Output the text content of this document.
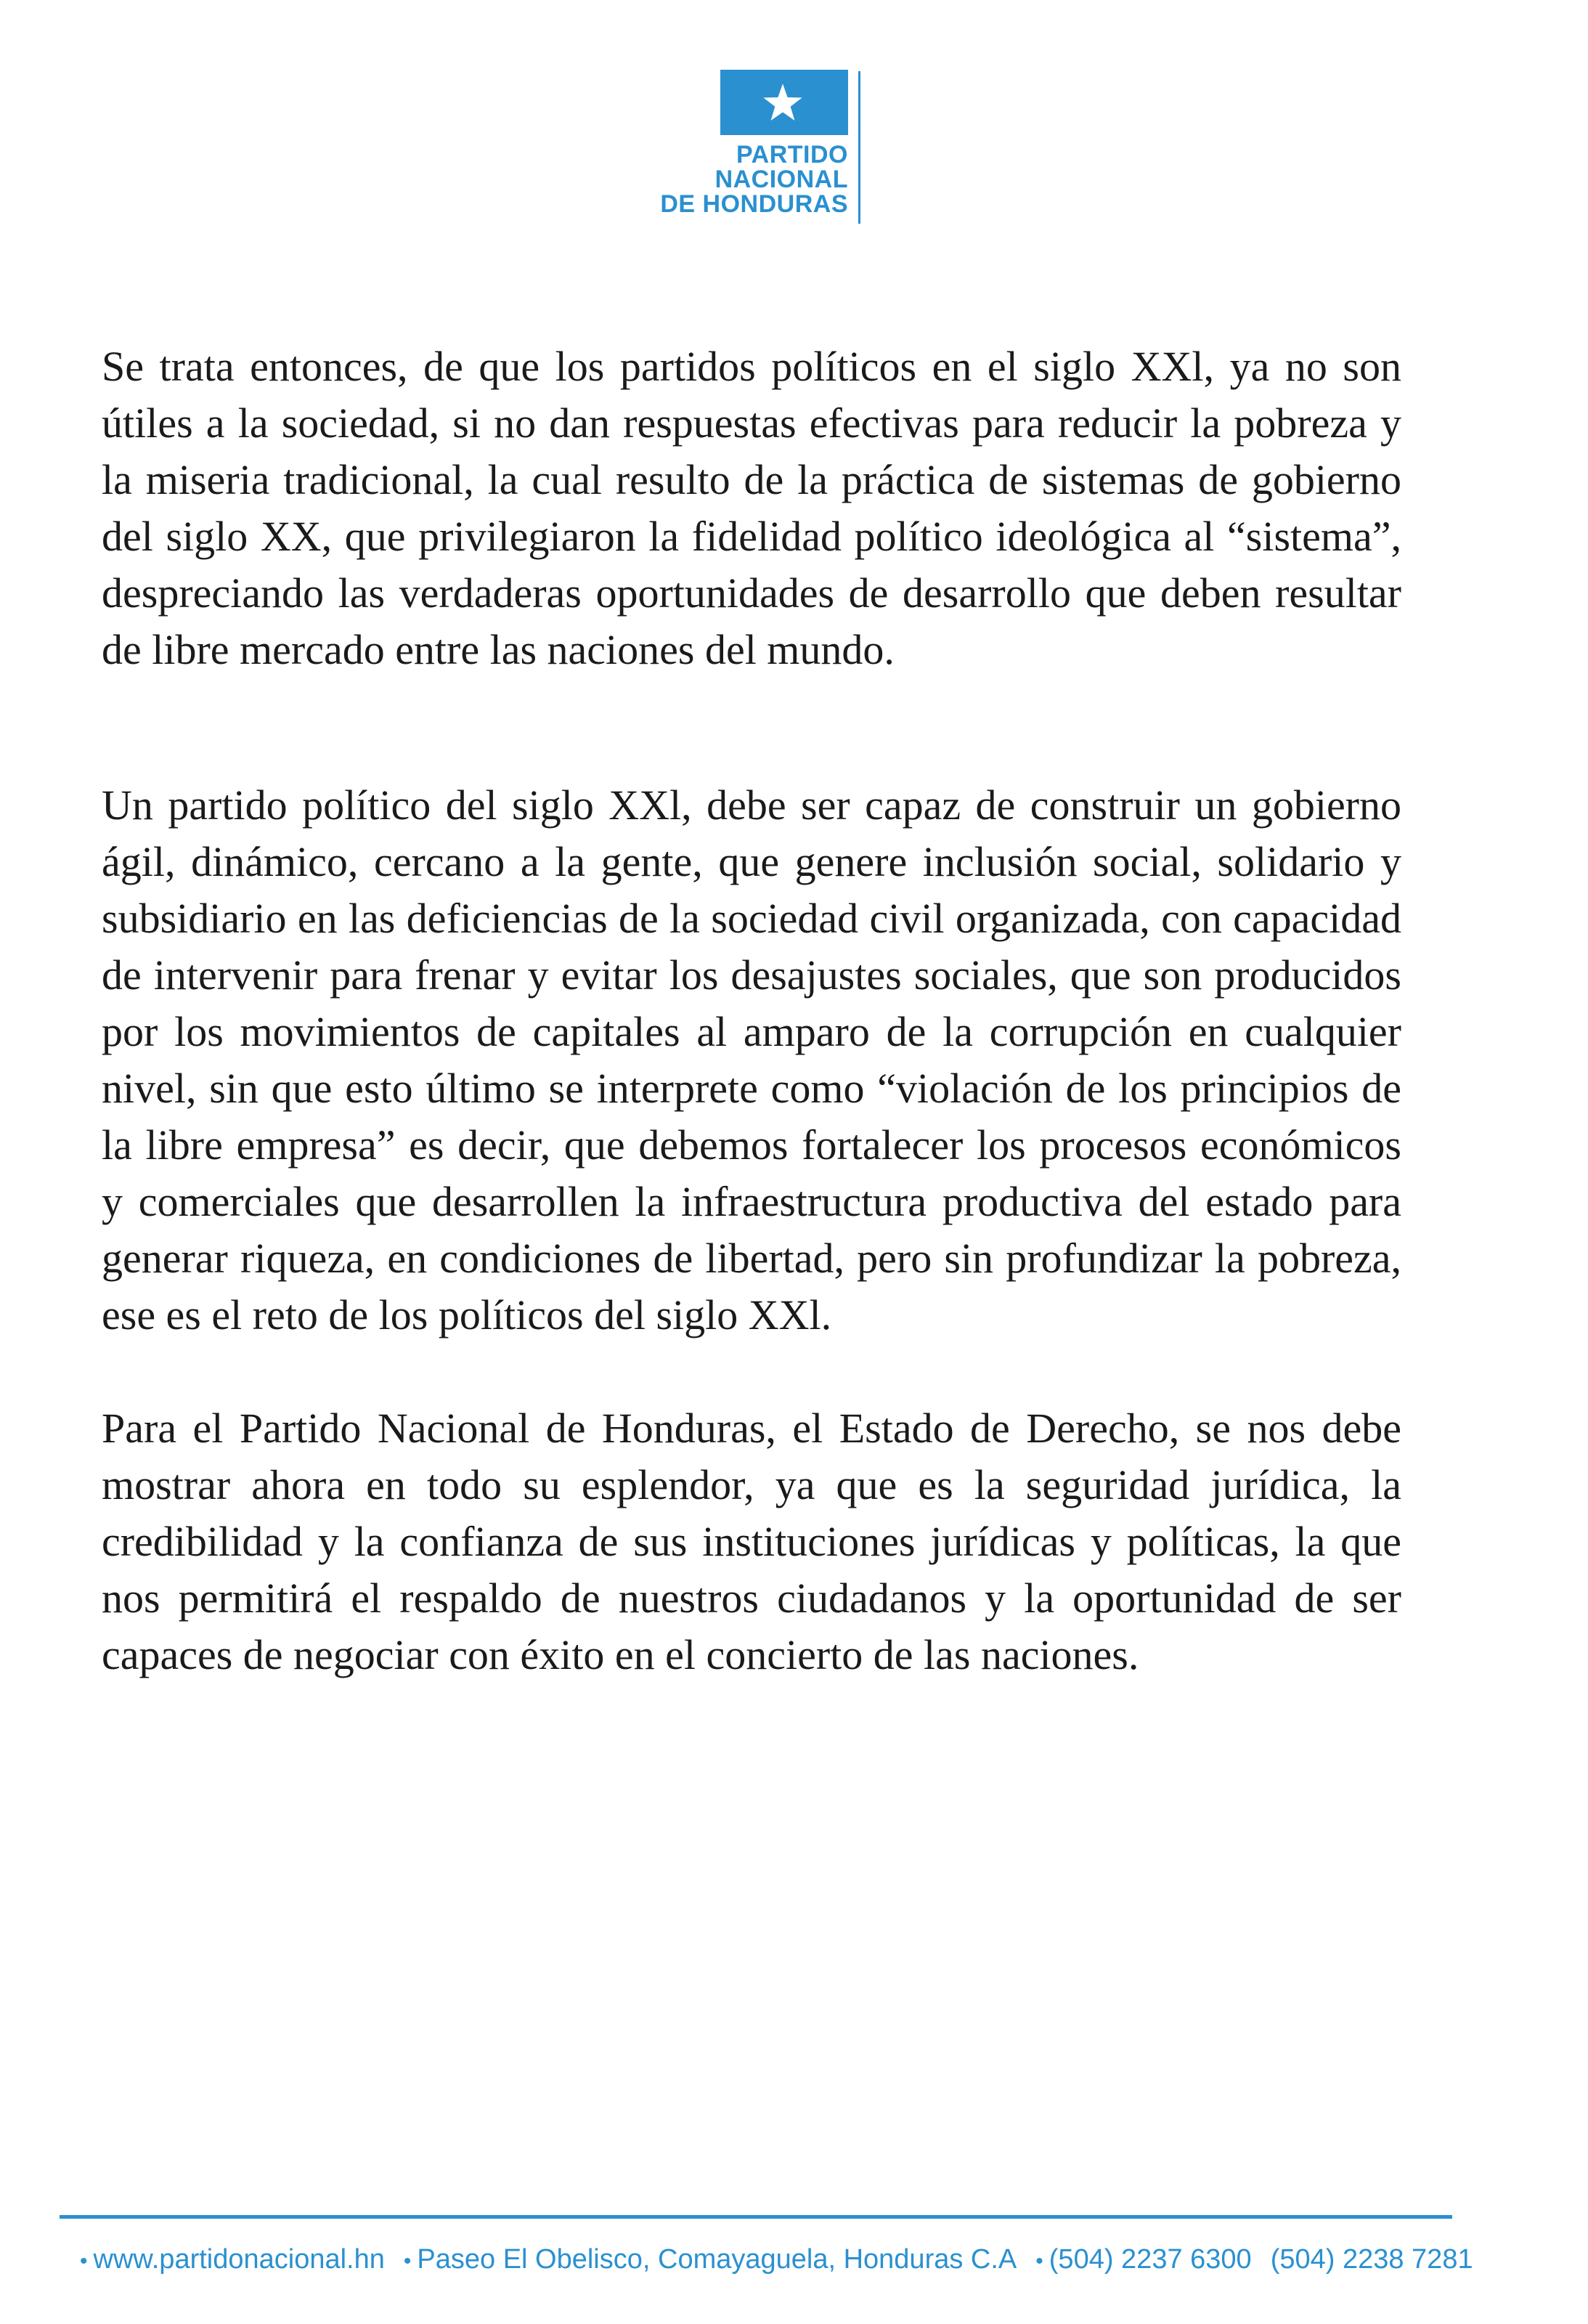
PARTIDO
NACIONAL
DE HONDURAS

Se trata entonces, de que los partidos políticos en el siglo XXl, ya no son útiles a la sociedad, si no dan respuestas efectivas para reducir la pobreza y la miseria tradicional, la cual resulto de la práctica de sistemas de gobierno del siglo XX, que privilegiaron la fidelidad político ideológica al “sistema”, despreciando las verdaderas oportunidades de desarrollo que deben resultar de libre mercado entre las naciones del mundo.

Un partido político del siglo XXl, debe ser capaz de construir un gobierno ágil, dinámico, cercano a la gente, que genere inclusión social, solidario y subsidiario en las deficiencias de la sociedad civil organizada, con capacidad de intervenir para frenar y evitar los desajustes sociales, que son producidos por los movimientos de capitales al amparo de la corrupción en cualquier nivel, sin que esto último se interprete como “violación de los principios de la libre empresa” es decir, que debemos fortalecer los procesos económicos y comerciales que desarrollen la infraestructura productiva del estado para generar riqueza, en condiciones de libertad, pero sin profundizar la pobreza, ese es el reto de los políticos del siglo XXl.

Para el Partido Nacional de Honduras, el Estado de Derecho, se nos debe mostrar ahora en todo su esplendor, ya que es la seguridad jurídica, la credibilidad y la confianza de sus instituciones jurídicas y políticas, la que nos permitirá el respaldo de nuestros ciudadanos y la oportunidad de ser capaces de negociar con éxito en el concierto de las naciones.

• www.partidonacional.hn • Paseo El Obelisco, Comayaguela, Honduras C.A • (504) 2237 6300 (504) 2238 7281
